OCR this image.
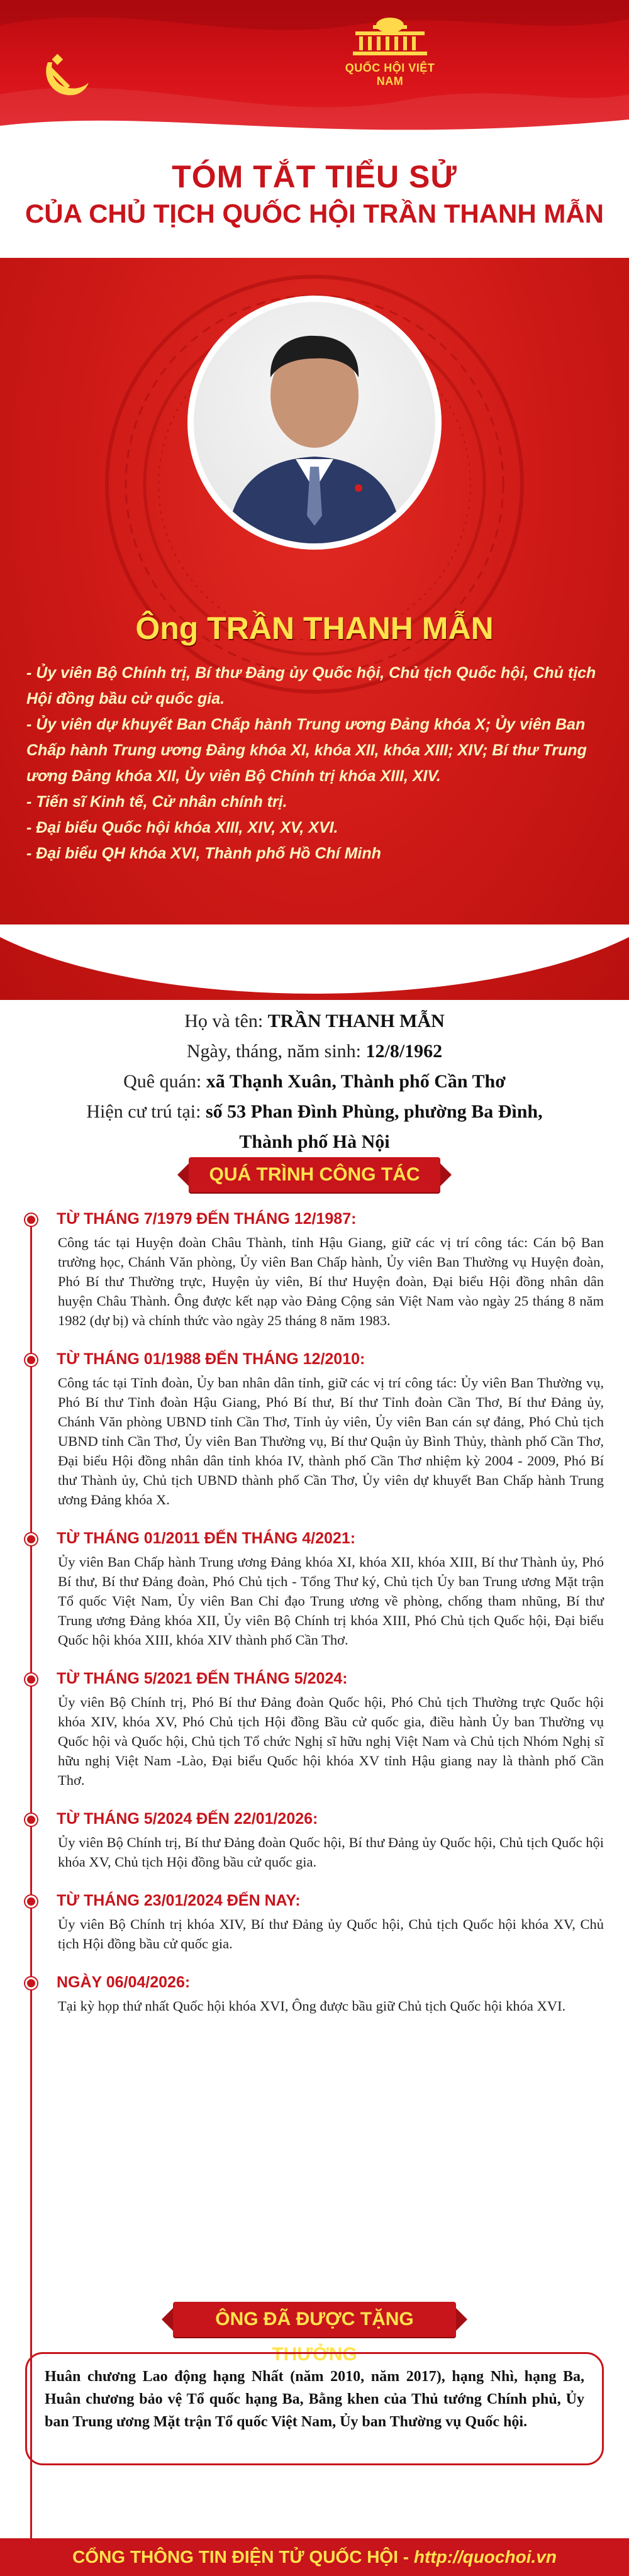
QUỐC HỘI VIỆT NAM
TÓM TẮT TIỂU SỬ
CỦA CHỦ TỊCH QUỐC HỘI TRẦN THANH MẪN
Ông TRẦN THANH MẪN
- Ủy viên Bộ Chính trị, Bí thư Đảng ủy Quốc hội, Chủ tịch Quốc hội, Chủ tịch Hội đồng bầu cử quốc gia.
- Ủy viên dự khuyết Ban Chấp hành Trung ương Đảng khóa X; Ủy viên Ban Chấp hành Trung ương Đảng khóa XI, khóa XII, khóa XIII; XIV; Bí thư Trung ương Đảng khóa XII, Ủy viên Bộ Chính trị khóa XIII, XIV.
- Tiến sĩ Kinh tế, Cử nhân chính trị.
- Đại biểu Quốc hội khóa XIII, XIV, XV, XVI.
- Đại biểu QH khóa XVI, Thành phố Hồ Chí Minh
Họ và tên: TRẦN THANH MẪN
Ngày, tháng, năm sinh: 12/8/1962
Quê quán: xã Thạnh Xuân, Thành phố Cần Thơ
Hiện cư trú tại: số 53 Phan Đình Phùng, phường Ba Đình,
Thành phố Hà Nội
QUÁ TRÌNH CÔNG TÁC
TỪ THÁNG 7/1979 ĐẾN THÁNG 12/1987:
Công tác tại Huyện đoàn Châu Thành, tỉnh Hậu Giang, giữ các vị trí công tác: Cán bộ Ban trường học, Chánh Văn phòng, Ủy viên Ban Chấp hành, Ủy viên Ban Thường vụ Huyện đoàn, Phó Bí thư Thường trực, Huyện ủy viên, Bí thư Huyện đoàn, Đại biểu Hội đồng nhân dân huyện Châu Thành. Ông được kết nạp vào Đảng Cộng sản Việt Nam vào ngày 25 tháng 8 năm 1982 (dự bị) và chính thức vào ngày 25 tháng 8 năm 1983.
TỪ THÁNG 01/1988 ĐẾN THÁNG 12/2010:
Công tác tại Tỉnh đoàn, Ủy ban nhân dân tỉnh, giữ các vị trí công tác: Ủy viên Ban Thường vụ, Phó Bí thư Tỉnh đoàn Hậu Giang, Phó Bí thư, Bí thư Tỉnh đoàn Cần Thơ, Bí thư Đảng ủy, Chánh Văn phòng UBND tỉnh Cần Thơ, Tỉnh ủy viên, Ủy viên Ban cán sự đảng, Phó Chủ tịch UBND tỉnh Cần Thơ, Ủy viên Ban Thường vụ, Bí thư Quận ủy Bình Thủy, thành phố Cần Thơ, Đại biểu Hội đồng nhân dân tỉnh khóa IV, thành phố Cần Thơ nhiệm kỳ 2004 - 2009, Phó Bí thư Thành ủy, Chủ tịch UBND thành phố Cần Thơ, Ủy viên dự khuyết Ban Chấp hành Trung ương Đảng khóa X.
TỪ THÁNG 01/2011 ĐẾN THÁNG 4/2021:
Ủy viên Ban Chấp hành Trung ương Đảng khóa XI, khóa XII, khóa XIII, Bí thư Thành ủy, Phó Bí thư, Bí thư Đảng đoàn, Phó Chủ tịch - Tổng Thư ký, Chủ tịch Ủy ban Trung ương Mặt trận Tổ quốc Việt Nam, Ủy viên Ban Chỉ đạo Trung ương về phòng, chống tham nhũng, Bí thư Trung ương Đảng khóa XII, Ủy viên Bộ Chính trị khóa XIII, Phó Chủ tịch Quốc hội, Đại biểu Quốc hội khóa XIII, khóa XIV thành phố Cần Thơ.
TỪ THÁNG 5/2021 ĐẾN THÁNG 5/2024:
Ủy viên Bộ Chính trị, Phó Bí thư Đảng đoàn Quốc hội, Phó Chủ tịch Thường trực Quốc hội khóa XIV, khóa XV, Phó Chủ tịch Hội đồng Bầu cử quốc gia, điều hành Ủy ban Thường vụ Quốc hội và Quốc hội, Chủ tịch Tổ chức Nghị sĩ hữu nghị Việt Nam và Chủ tịch Nhóm Nghị sĩ hữu nghị Việt Nam -Lào, Đại biểu Quốc hội khóa XV tỉnh Hậu giang nay là thành phố Cần Thơ.
TỪ THÁNG 5/2024 ĐẾN 22/01/2026:
Ủy viên Bộ Chính trị, Bí thư Đảng đoàn Quốc hội, Bí thư Đảng ủy Quốc hội, Chủ tịch Quốc hội khóa XV, Chủ tịch Hội đồng bầu cử quốc gia.
TỪ THÁNG 23/01/2024 ĐẾN NAY:
Ủy viên Bộ Chính trị khóa XIV, Bí thư Đảng ủy Quốc hội, Chủ tịch Quốc hội khóa XV, Chủ tịch Hội đồng bầu cử quốc gia.
NGÀY 06/04/2026:
Tại kỳ họp thứ nhất Quốc hội khóa XVI, Ông được bầu giữ Chủ tịch Quốc hội khóa XVI.
ÔNG ĐÃ ĐƯỢC TẶNG THƯỞNG
Huân chương Lao động hạng Nhất (năm 2010, năm 2017), hạng Nhì, hạng Ba, Huân chương bảo vệ Tổ quốc hạng Ba, Bằng khen của Thủ tướng Chính phủ, Ủy ban Trung ương Mặt trận Tổ quốc Việt Nam, Ủy ban Thường vụ Quốc hội.
CỔNG THÔNG TIN ĐIỆN TỬ QUỐC HỘI - http://quochoi.vn
